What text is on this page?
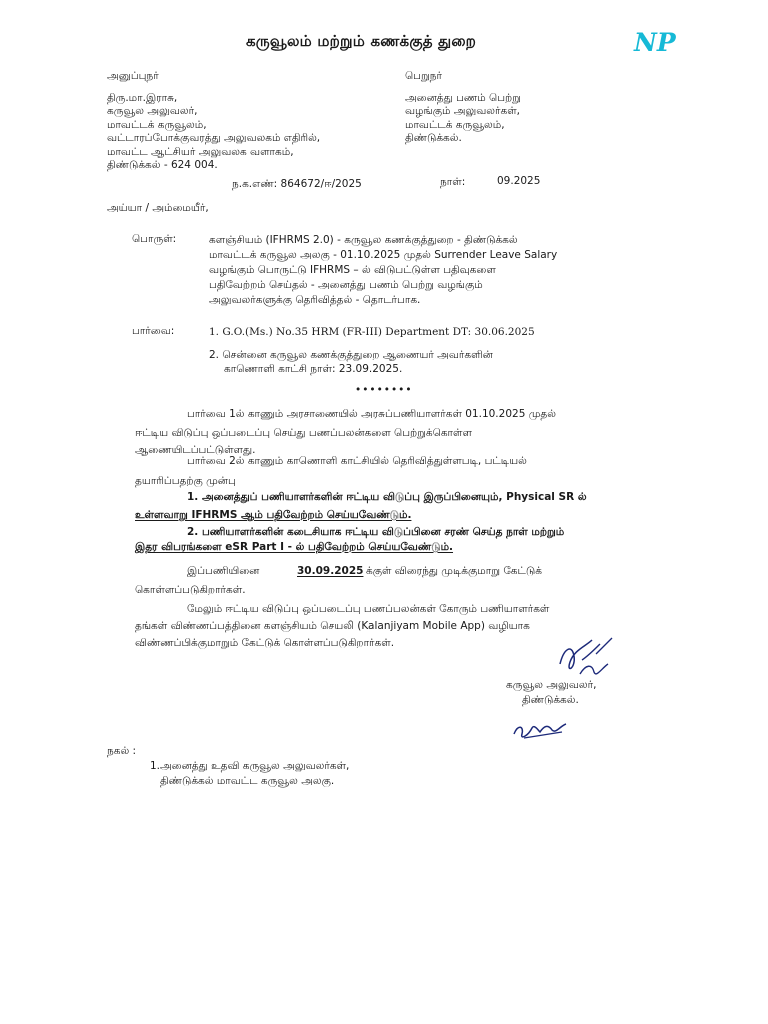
கருவூலம் மற்றும் கணக்குத் துறை	NP
அனுப்புநர்
திரு.மா.இராசு,
கருவூல அலுவலர்,
மாவட்டக் கருவூலம்,
வட்டாரப்போக்குவரத்து அலுவலகம் எதிரில்,
மாவட்ட ஆட்சியர் அலுவலக வளாகம்,
திண்டுக்கல் - 624 004.
பெறுநர்
அனைத்து பணம் பெற்று
வழங்கும் அலுவலர்கள்,
மாவட்டக் கருவூலம்,
திண்டுக்கல்.
ந.க.எண்: 864672/ஈ/2025	நாள்:	09.2025
அய்யா / அம்மையீர்,
பொருள்:	களஞ்சியம் (IFHRMS 2.0) - கருவூல கணக்குத்துறை - திண்டுக்கல்
மாவட்டக் கருவூல அலகு - 01.10.2025 முதல் Surrender Leave Salary
வழங்கும் பொருட்டு IFHRMS – ல் விடுபட்டுள்ள பதிவுகளை
பதிவேற்றம் செய்தல் - அனைத்து பணம் பெற்று வழங்கும்
அலுவலர்களுக்கு தெரிவித்தல் - தொடர்பாக.
பார்வை:	1. G.O.(Ms.) No.35 HRM (FR-III) Department DT: 30.06.2025
2. சென்னை கருவூல கணக்குத்துறை ஆணையர் அவர்களின்
காணொளி காட்சி நாள்: 23.09.2025.
••••••••
பார்வை 1ல் காணும் அரசாணையில் அரசுப்பணியாளர்கள் 01.10.2025 முதல்
ஈட்டிய விடுப்பு ஒப்படைப்பு செய்து பணப்பலன்களை பெற்றுக்கொள்ள
ஆணையிடப்பட்டுள்ளது.
பார்வை 2ல் காணும் காணொளி காட்சியில் தெரிவித்துள்ளபடி, பட்டியல்
தயாரிப்பதற்கு முன்பு
1. அனைத்துப் பணியாளர்களின் ஈட்டிய விடுப்பு இருப்பினையும், Physical SR ல்
உள்ளவாறு IFHRMS ஆம் பதிவேற்றம் செய்யவேண்டும்.
2. பணியாளர்களின் கடைசியாக ஈட்டிய விடுப்பினை சரண் செய்த நாள் மற்றும்
இதர விபரங்களை eSR Part I - ல் பதிவேற்றம் செய்யவேண்டும்.
இப்பணியினை	30.09.2025 க்குள் விரைந்து முடிக்குமாறு கேட்டுக்
கொள்ளப்படுகிறார்கள்.
மேலும் ஈட்டிய விடுப்பு ஒப்படைப்பு பணப்பலன்கள் கோரும் பணியாளர்கள்
தங்கள் விண்ணப்பத்தினை களஞ்சியம் செயலி (Kalanjiyam Mobile App) வழியாக
விண்ணப்பிக்குமாறும் கேட்டுக் கொள்ளப்படுகிறார்கள்.
கருவூல அலுவலர்,
திண்டுக்கல்.
நகல் :
1.அனைத்து உதவி கருவூல அலுவலர்கள்,
திண்டுக்கல் மாவட்ட கருவூல அலகு.
